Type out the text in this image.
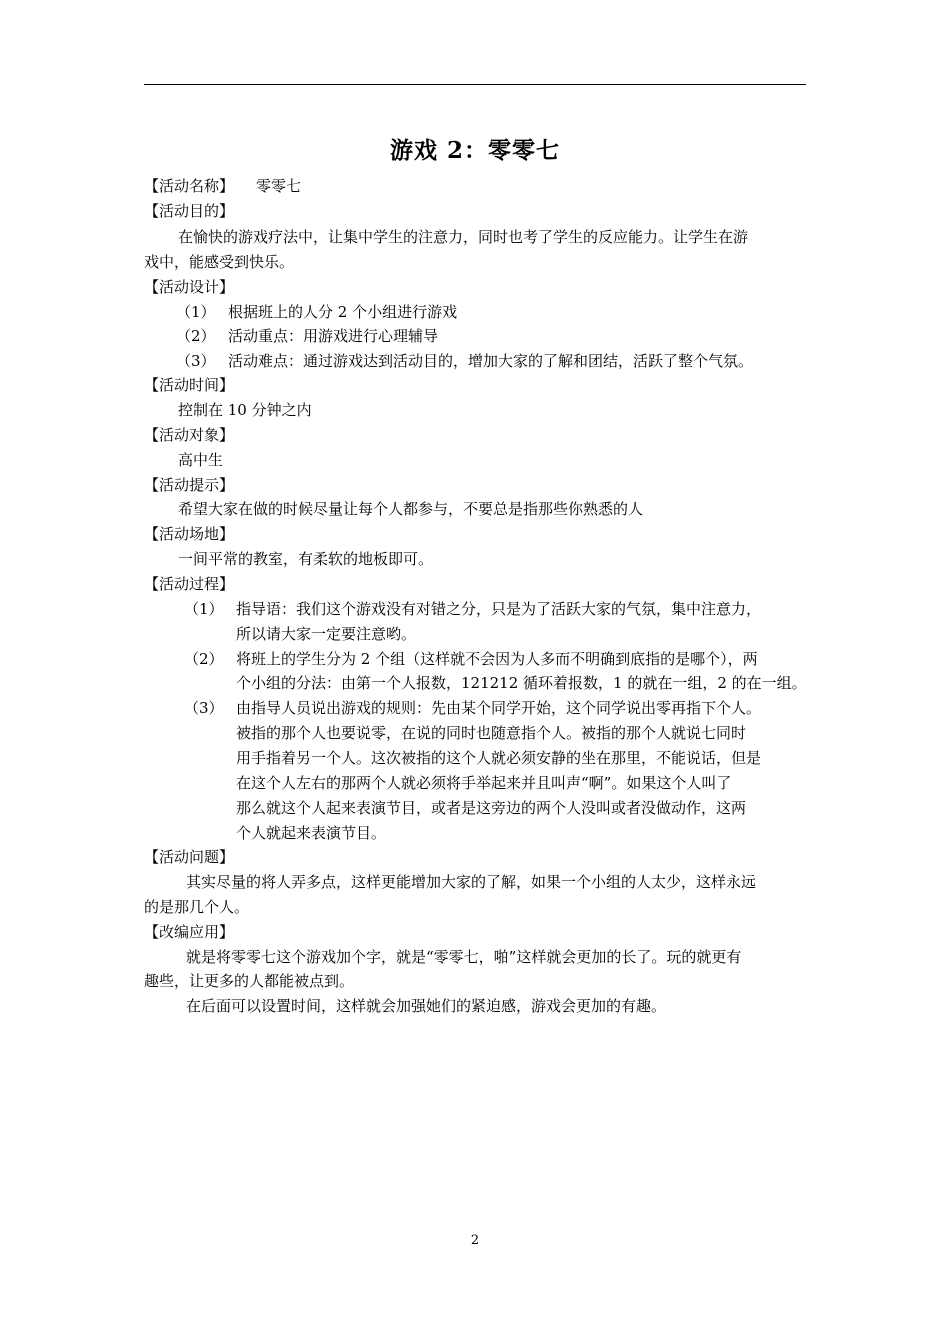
游戏 2：零零七
【活动名称】 零零七
【活动目的】
在愉快的游戏疗法中，让集中学生的注意力，同时也考了学生的反应能力。让学生在游
戏中，能感受到快乐。
【活动设计】
（1） 根据班上的人分 2 个小组进行游戏
（2） 活动重点：用游戏进行心理辅导
（3） 活动难点：通过游戏达到活动目的，增加大家的了解和团结，活跃了整个气氛。
【活动时间】
控制在 10 分钟之内
【活动对象】
高中生
【活动提示】
希望大家在做的时候尽量让每个人都参与，不要总是指那些你熟悉的人
【活动场地】
一间平常的教室，有柔软的地板即可。
【活动过程】
（1） 指导语：我们这个游戏没有对错之分，只是为了活跃大家的气氛，集中注意力，
所以请大家一定要注意哟。
（2） 将班上的学生分为 2 个组（这样就不会因为人多而不明确到底指的是哪个），两
个小组的分法：由第一个人报数，121212 循环着报数，1 的就在一组，2 的在一组。
（3） 由指导人员说出游戏的规则：先由某个同学开始，这个同学说出零再指下个人。
被指的那个人也要说零，在说的同时也随意指个人。被指的那个人就说七同时
用手指着另一个人。这次被指的这个人就必须安静的坐在那里，不能说话，但是
在这个人左右的那两个人就必须将手举起来并且叫声“啊”。如果这个人叫了
那么就这个人起来表演节目，或者是这旁边的两个人没叫或者没做动作，这两
个人就起来表演节目。
【活动问题】
其实尽量的将人弄多点，这样更能增加大家的了解，如果一个小组的人太少，这样永远
的是那几个人。
【改编应用】
就是将零零七这个游戏加个字，就是“零零七，啪”这样就会更加的长了。玩的就更有
趣些，让更多的人都能被点到。
在后面可以设置时间，这样就会加强她们的紧迫感，游戏会更加的有趣。
2
